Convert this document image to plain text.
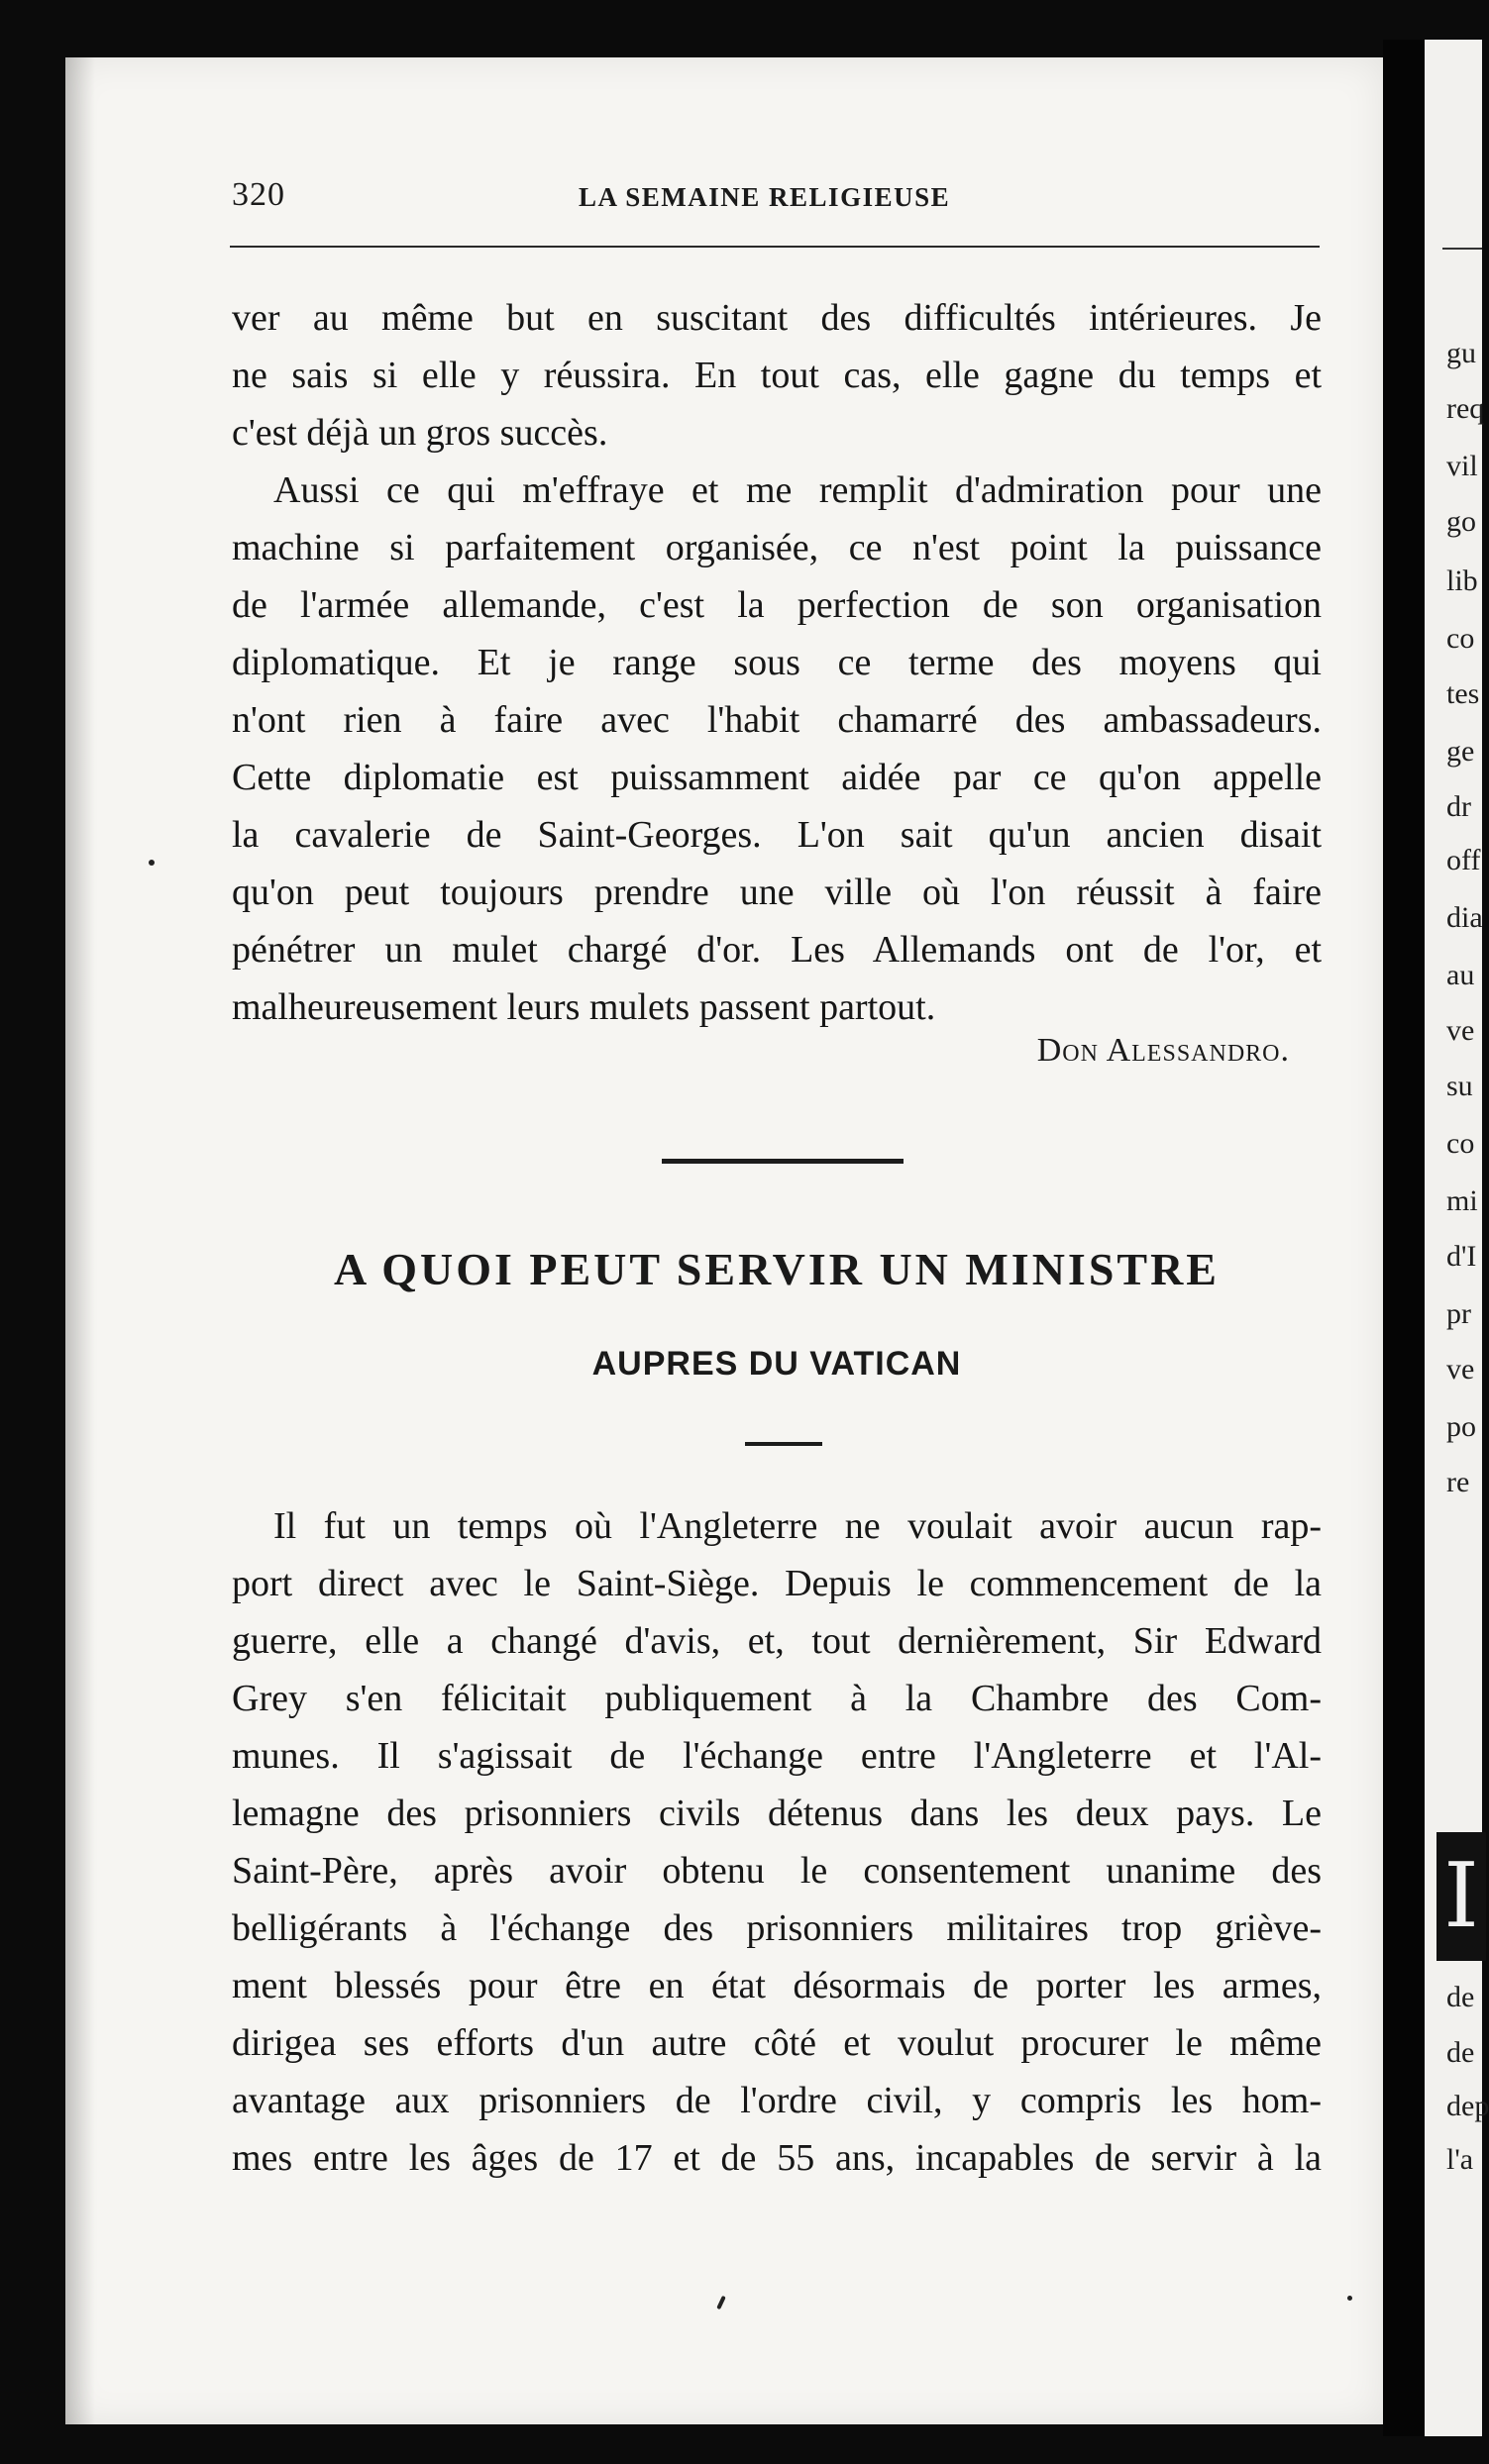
gu
req
vil
go
lib
co
tes
ge
dr
off
dia
au
ve
su
co
mi
d'I
pr
ve
po
re
de
de
dep
l'a
I
320	LA SEMAINE RELIGIEUSE
ver au même but en suscitant des difficultés intérieures. Je
ne sais si elle y réussira. En tout cas, elle gagne du temps et
c'est déjà un gros succès.
Aussi ce qui m'effraye et me remplit d'admiration pour une
machine si parfaitement organisée, ce n'est point la puissance
de l'armée allemande, c'est la perfection de son organisation
diplomatique. Et je range sous ce terme des moyens qui
n'ont rien à faire avec l'habit chamarré des ambassadeurs.
Cette diplomatie est puissamment aidée par ce qu'on appelle
la cavalerie de Saint-Georges. L'on sait qu'un ancien disait
qu'on peut toujours prendre une ville où l'on réussit à faire
pénétrer un mulet chargé d'or. Les Allemands ont de l'or, et
malheureusement leurs mulets passent partout.
Don Alessandro.
A QUOI PEUT SERVIR UN MINISTRE
AUPRES DU VATICAN
Il fut un temps où l'Angleterre ne voulait avoir aucun rap-
port direct avec le Saint-Siège. Depuis le commencement de la
guerre, elle a changé d'avis, et, tout dernièrement, Sir Edward
Grey s'en félicitait publiquement à la Chambre des Com-
munes. Il s'agissait de l'échange entre l'Angleterre et l'Al-
lemagne des prisonniers civils détenus dans les deux pays. Le
Saint-Père, après avoir obtenu le consentement unanime des
belligérants à l'échange des prisonniers militaires trop grièvе-
ment blessés pour être en état désormais de porter les armes,
dirigea ses efforts d'un autre côté et voulut procurer le même
avantage aux prisonniers de l'ordre civil, y compris les hom-
mes entre les âges de 17 et de 55 ans, incapables de servir à la
